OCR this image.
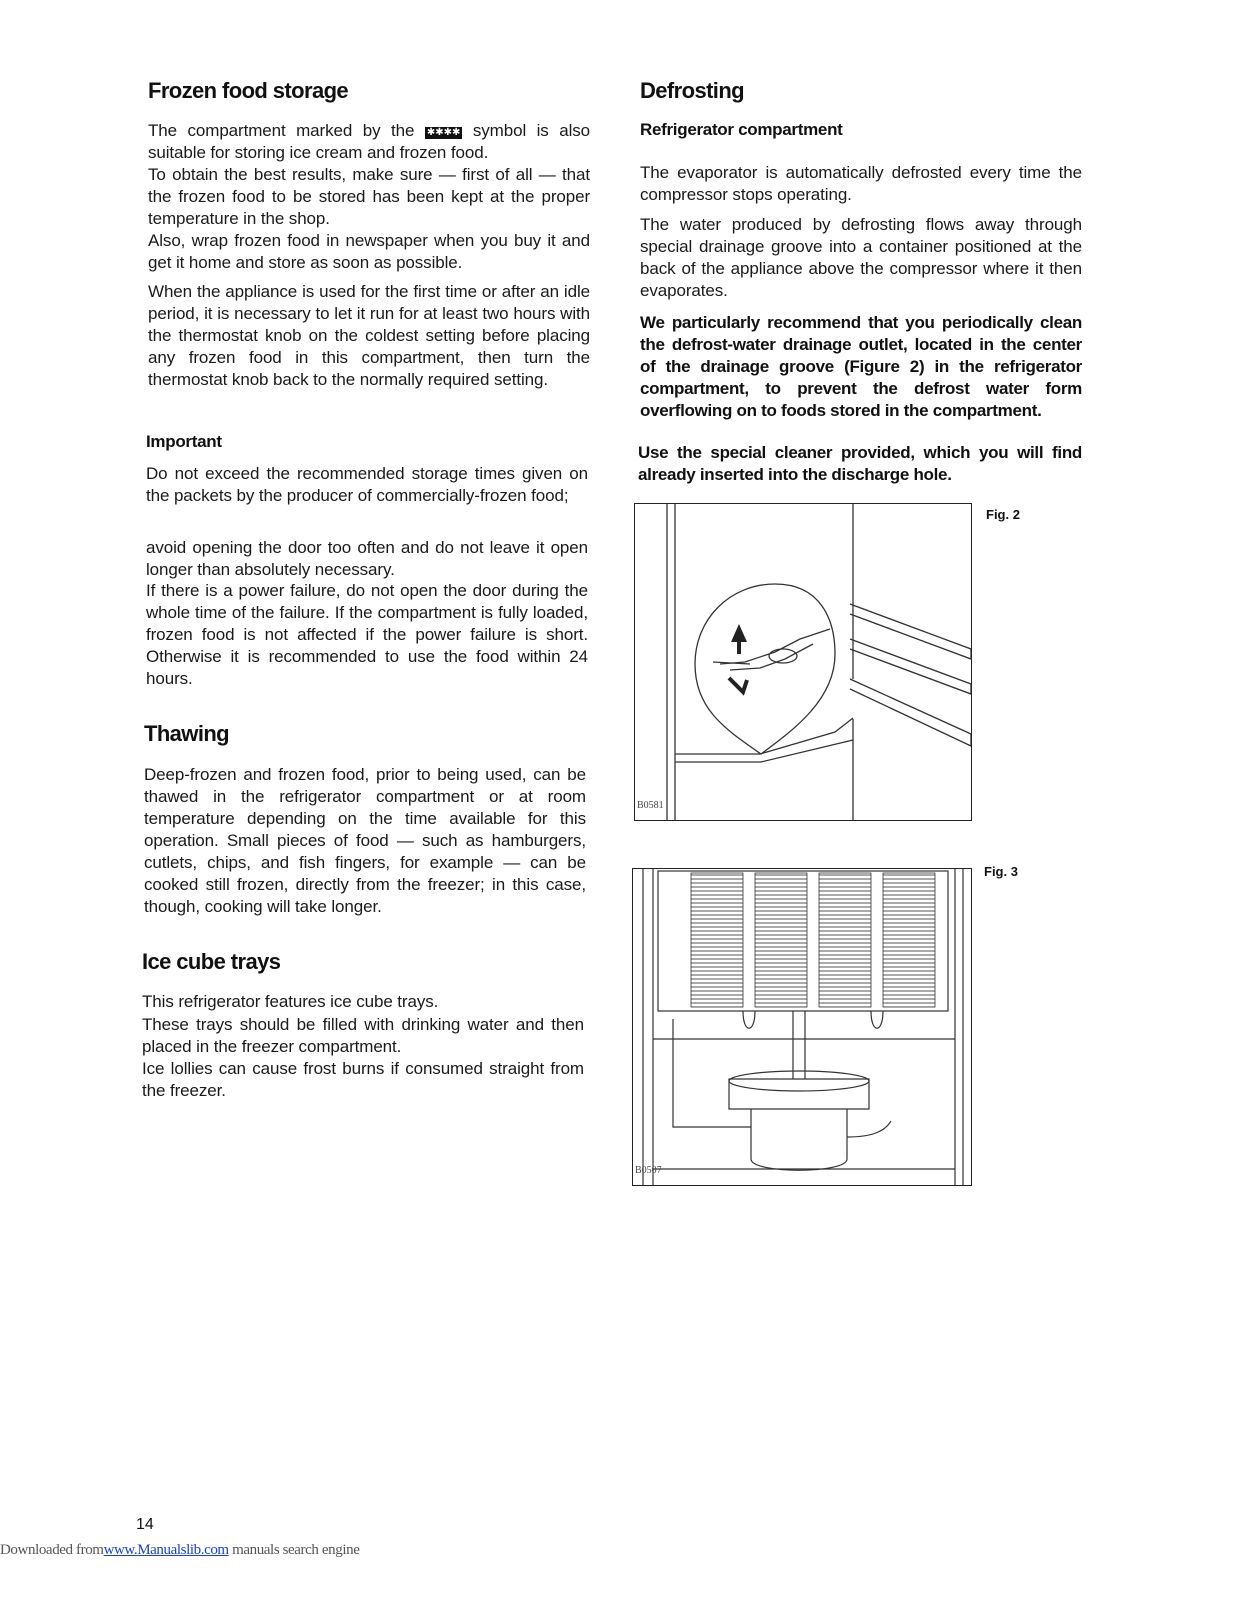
Frozen food storage

The compartment marked by the ✱✱✱✱ symbol is also suitable for storing ice cream and frozen food.

To obtain the best results, make sure — first of all — that the frozen food to be stored has been kept at the proper temperature in the shop.

Also, wrap frozen food in newspaper when you buy it and get it home and store as soon as possible.

When the appliance is used for the first time or after an idle period, it is necessary to let it run for at least two hours with the thermostat knob on the coldest setting before placing any frozen food in this compartment, then turn the thermostat knob back to the normally required setting.

Important

Do not exceed the recommended storage times given on the packets by the producer of commercially-frozen food;

avoid opening the door too often and do not leave it open longer than absolutely necessary.

If there is a power failure, do not open the door during the whole time of the failure. If the compartment is fully loaded, frozen food is not affected if the power failure is short. Otherwise it is recommended to use the food within 24 hours.

Thawing

Deep-frozen and frozen food, prior to being used, can be thawed in the refrigerator compartment or at room temperature depending on the time available for this operation. Small pieces of food — such as hamburgers, cutlets, chips, and fish fingers, for example — can be cooked still frozen, directly from the freezer; in this case, though, cooking will take longer.

Ice cube trays

This refrigerator features ice cube trays.

These trays should be filled with drinking water and then placed in the freezer compartment.

Ice lollies can cause frost burns if consumed straight from the freezer.

Defrosting
Refrigerator compartment

The evaporator is automatically defrosted every time the compressor stops operating.

The water produced by defrosting flows away through special drainage groove into a container positioned at the back of the appliance above the compressor where it then evaporates.

We particularly recommend that you periodically clean the defrost-water drainage outlet, located in the center of the drainage groove (Figure 2) in the refrigerator compartment, to prevent the defrost water form overflowing on to foods stored in the compartment.

Use the special cleaner provided, which you will find already inserted into the discharge hole.

B0581
Fig. 2
B0507
Fig. 3
14
Downloaded fromwww.Manualslib.com manuals search engine
